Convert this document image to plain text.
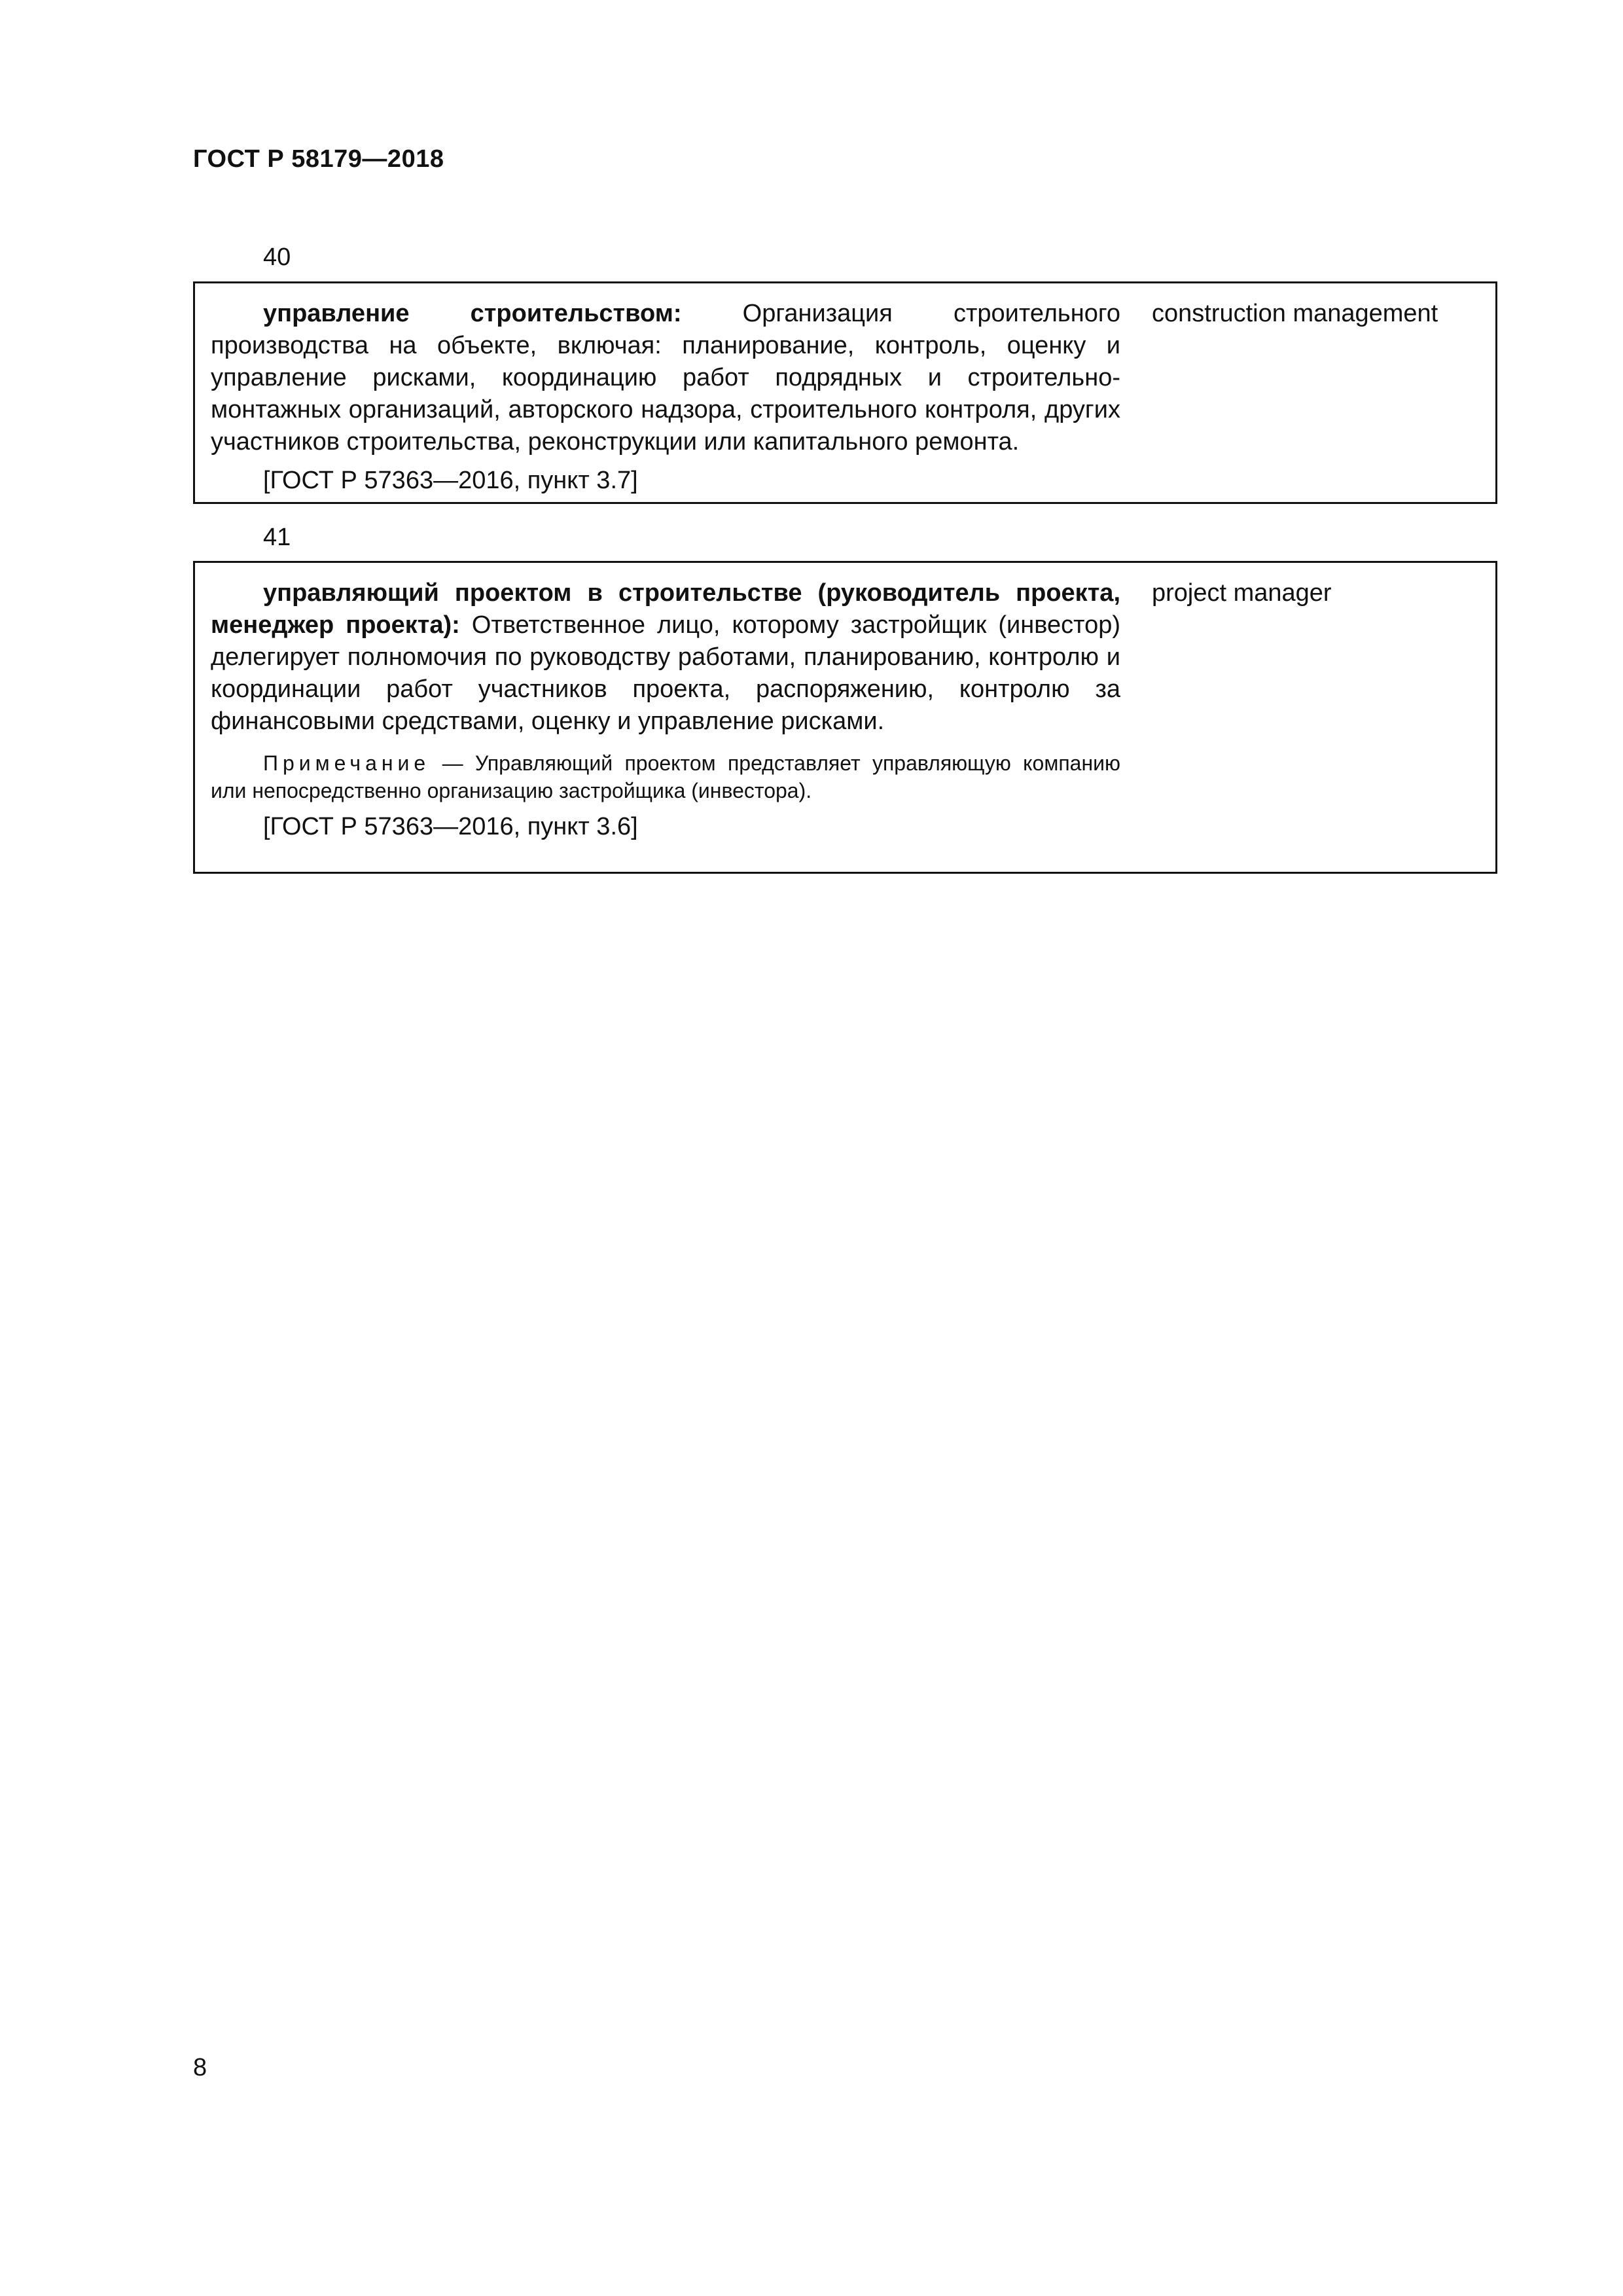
ГОСТ Р 58179—2018
40

управление строительством: Организация строительного производства на объекте, включая: планирование, контроль, оценку и управление рисками, координацию работ подрядных и строительно-монтажных организаций, авторского надзора, строительного контроля, других участников строительства, реконструкции или капитального ремонта.

[ГОСТ Р 57363—2016, пункт 3.7]

construction management
41

управляющий проектом в строительстве (руководитель проекта, менеджер проекта): Ответственное лицо, которому застройщик (инвестор) делегирует полномочия по руководству работами, планированию, контролю и координации работ участников проекта, распоряжению, контролю за финансовыми средствами, оценку и управление рисками.

Примечание — Управляющий проектом представляет управляющую компанию или непосредственно организацию застройщика (инвестора).

[ГОСТ Р 57363—2016, пункт 3.6]

project manager
8
